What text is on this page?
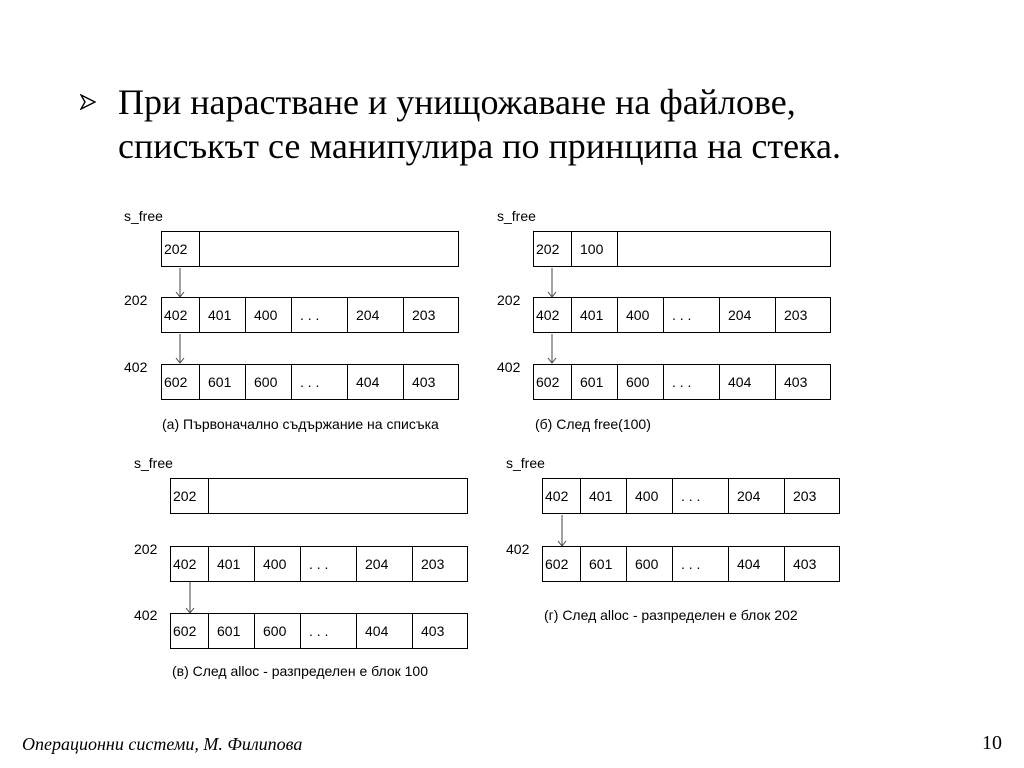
При нарастване и унищожаване на файлове,
списъкът се манипулира по принципа на стека.
s_free
202
202
402	401	400	. . .	204	203
402
602	601	600	. . .	404	403
(а) Първоначално съдържание на списъка
s_free
202	100
202
402	401	400	. . .	204	203
402
602	601	600	. . .	404	403
(б) След free(100)
s_free
202
202
402	401	400	. . .	204	203
402
602	601	600	. . .	404	403
(в) След alloc - разпределен е блок 100
s_free
402	401	400	. . .	204	203
402
602	601	600	. . .	404	403
(г) След alloc - разпределен е блок 202
Операционни системи, М. Филипова	10
